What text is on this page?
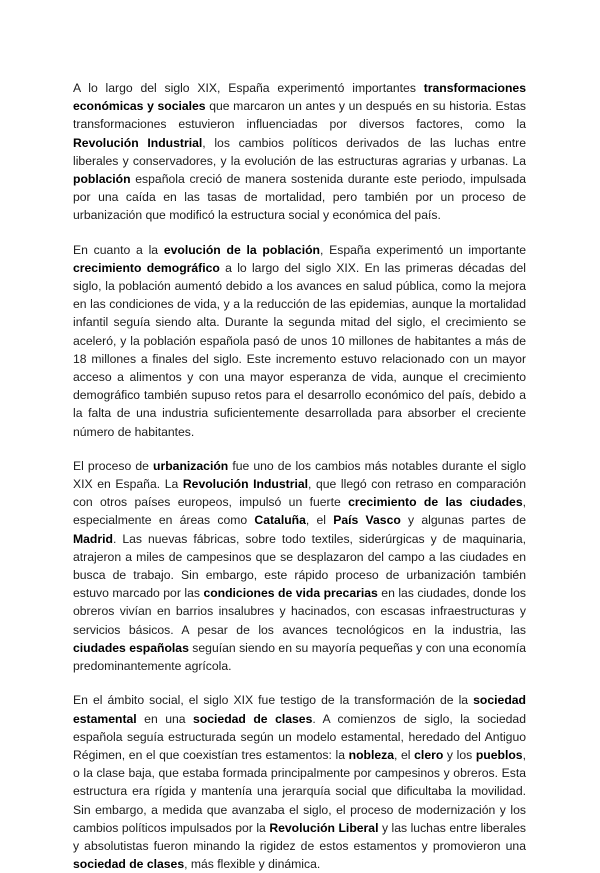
A lo largo del siglo XIX, España experimentó importantes transformaciones económicas y sociales que marcaron un antes y un después en su historia. Estas transformaciones estuvieron influenciadas por diversos factores, como la Revolución Industrial, los cambios políticos derivados de las luchas entre liberales y conservadores, y la evolución de las estructuras agrarias y urbanas. La población española creció de manera sostenida durante este periodo, impulsada por una caída en las tasas de mortalidad, pero también por un proceso de urbanización que modificó la estructura social y económica del país.

En cuanto a la evolución de la población, España experimentó un importante crecimiento demográfico a lo largo del siglo XIX. En las primeras décadas del siglo, la población aumentó debido a los avances en salud pública, como la mejora en las condiciones de vida, y a la reducción de las epidemias, aunque la mortalidad infantil seguía siendo alta. Durante la segunda mitad del siglo, el crecimiento se aceleró, y la población española pasó de unos 10 millones de habitantes a más de 18 millones a finales del siglo. Este incremento estuvo relacionado con un mayor acceso a alimentos y con una mayor esperanza de vida, aunque el crecimiento demográfico también supuso retos para el desarrollo económico del país, debido a la falta de una industria suficientemente desarrollada para absorber el creciente número de habitantes.

El proceso de urbanización fue uno de los cambios más notables durante el siglo XIX en España. La Revolución Industrial, que llegó con retraso en comparación con otros países europeos, impulsó un fuerte crecimiento de las ciudades, especialmente en áreas como Cataluña, el País Vasco y algunas partes de Madrid. Las nuevas fábricas, sobre todo textiles, siderúrgicas y de maquinaria, atrajeron a miles de campesinos que se desplazaron del campo a las ciudades en busca de trabajo. Sin embargo, este rápido proceso de urbanización también estuvo marcado por las condiciones de vida precarias en las ciudades, donde los obreros vivían en barrios insalubres y hacinados, con escasas infraestructuras y servicios básicos. A pesar de los avances tecnológicos en la industria, las ciudades españolas seguían siendo en su mayoría pequeñas y con una economía predominantemente agrícola.

En el ámbito social, el siglo XIX fue testigo de la transformación de la sociedad estamental en una sociedad de clases. A comienzos de siglo, la sociedad española seguía estructurada según un modelo estamental, heredado del Antiguo Régimen, en el que coexistían tres estamentos: la nobleza, el clero y los pueblos, o la clase baja, que estaba formada principalmente por campesinos y obreros. Esta estructura era rígida y mantenía una jerarquía social que dificultaba la movilidad. Sin embargo, a medida que avanzaba el siglo, el proceso de modernización y los cambios políticos impulsados por la Revolución Liberal y las luchas entre liberales y absolutistas fueron minando la rigidez de estos estamentos y promovieron una sociedad de clases, más flexible y dinámica.
